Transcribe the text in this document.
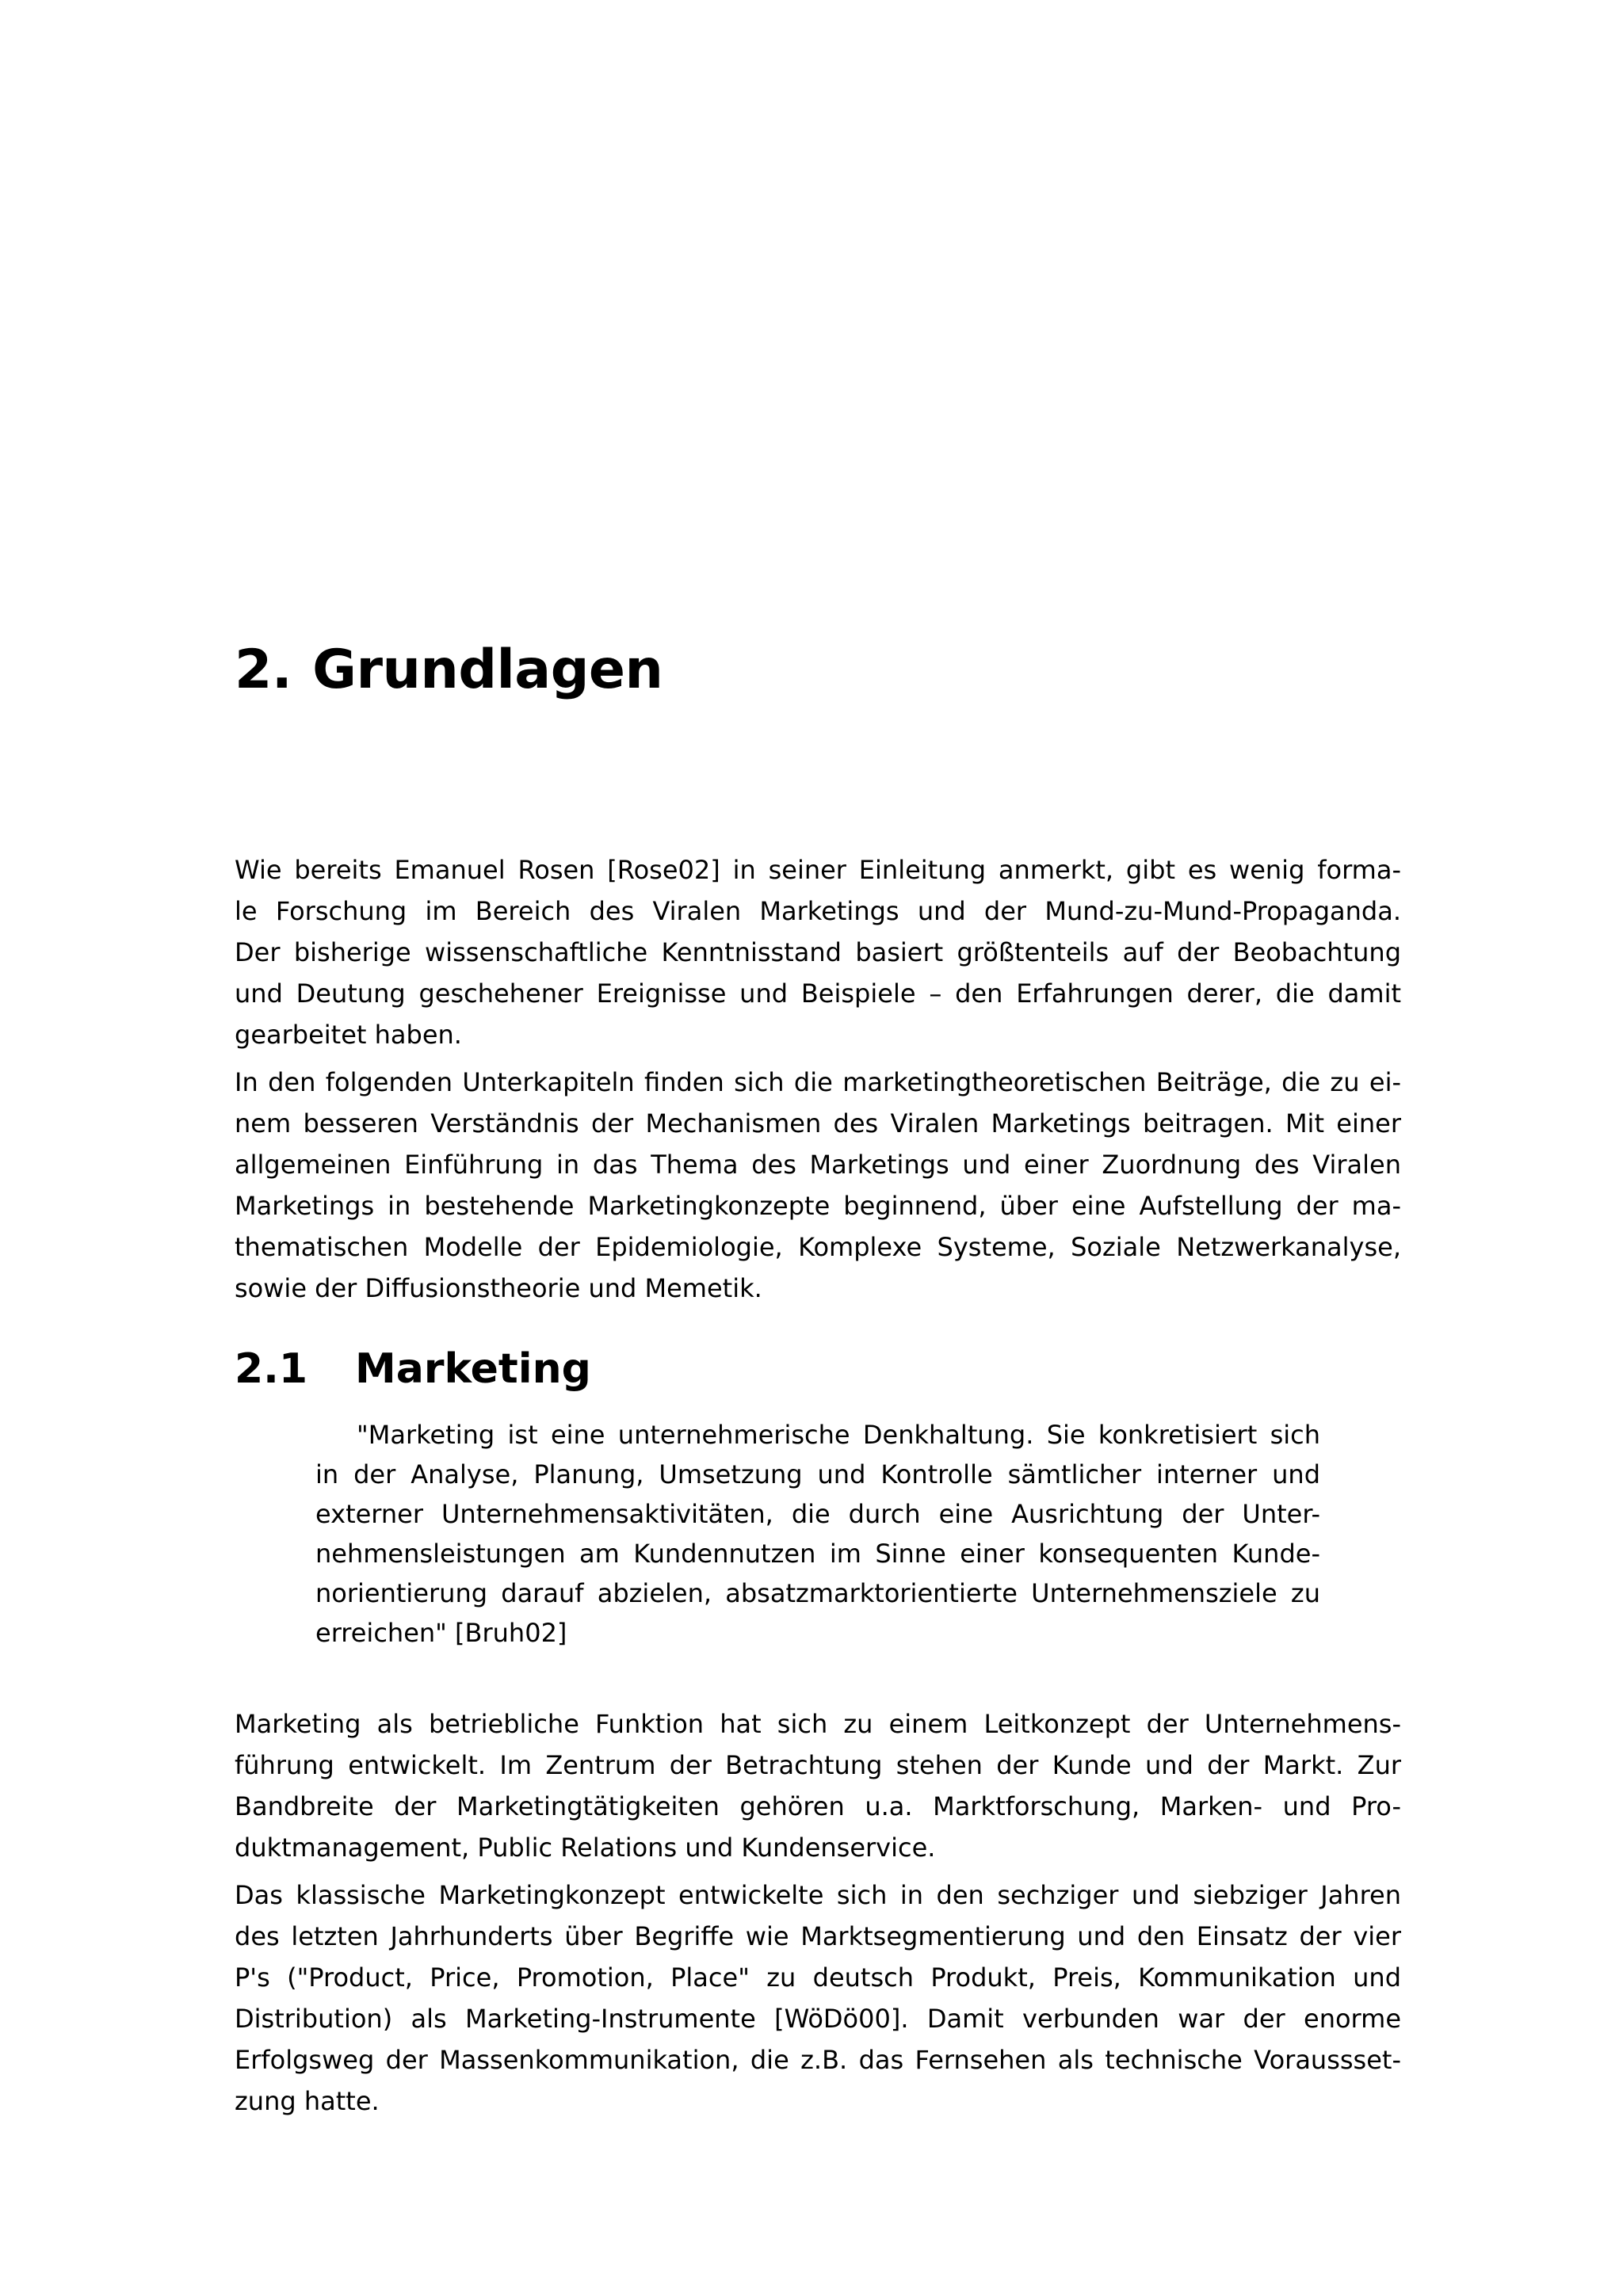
2. Grundlagen
Wie bereits Emanuel Rosen [Rose02] in seiner Einleitung anmerkt, gibt es wenig forma-
le Forschung im Bereich des Viralen Marketings und der Mund-zu-Mund-Propaganda.
Der bisherige wissenschaftliche Kenntnisstand basiert größtenteils auf der Beobachtung
und Deutung geschehener Ereignisse und Beispiele – den Erfahrungen derer, die damit
gearbeitet haben.
In den folgenden Unterkapiteln finden sich die marketingtheoretischen Beiträge, die zu ei-
nem besseren Verständnis der Mechanismen des Viralen Marketings beitragen. Mit einer
allgemeinen Einführung in das Thema des Marketings und einer Zuordnung des Viralen
Marketings in bestehende Marketingkonzepte beginnend, über eine Aufstellung der ma-
thematischen Modelle der Epidemiologie, Komplexe Systeme, Soziale Netzwerkanalyse,
sowie der Diffusionstheorie und Memetik.
2.1 Marketing
"Marketing ist eine unternehmerische Denkhaltung. Sie konkretisiert sich
in der Analyse, Planung, Umsetzung und Kontrolle sämtlicher interner und
externer Unternehmensaktivitäten, die durch eine Ausrichtung der Unter-
nehmensleistungen am Kundennutzen im Sinne einer konsequenten Kunde-
norientierung darauf abzielen, absatzmarktorientierte Unternehmensziele zu
erreichen" [Bruh02]
Marketing als betriebliche Funktion hat sich zu einem Leitkonzept der Unternehmens-
führung entwickelt. Im Zentrum der Betrachtung stehen der Kunde und der Markt. Zur
Bandbreite der Marketingtätigkeiten gehören u.a. Marktforschung, Marken- und Pro-
duktmanagement, Public Relations und Kundenservice.
Das klassische Marketingkonzept entwickelte sich in den sechziger und siebziger Jahren
des letzten Jahrhunderts über Begriffe wie Marktsegmentierung und den Einsatz der vier
P's ("Product, Price, Promotion, Place" zu deutsch Produkt, Preis, Kommunikation und
Distribution) als Marketing-Instrumente [WöDö00]. Damit verbunden war der enorme
Erfolgsweg der Massenkommunikation, die z.B. das Fernsehen als technische Voraussset-
zung hatte.
